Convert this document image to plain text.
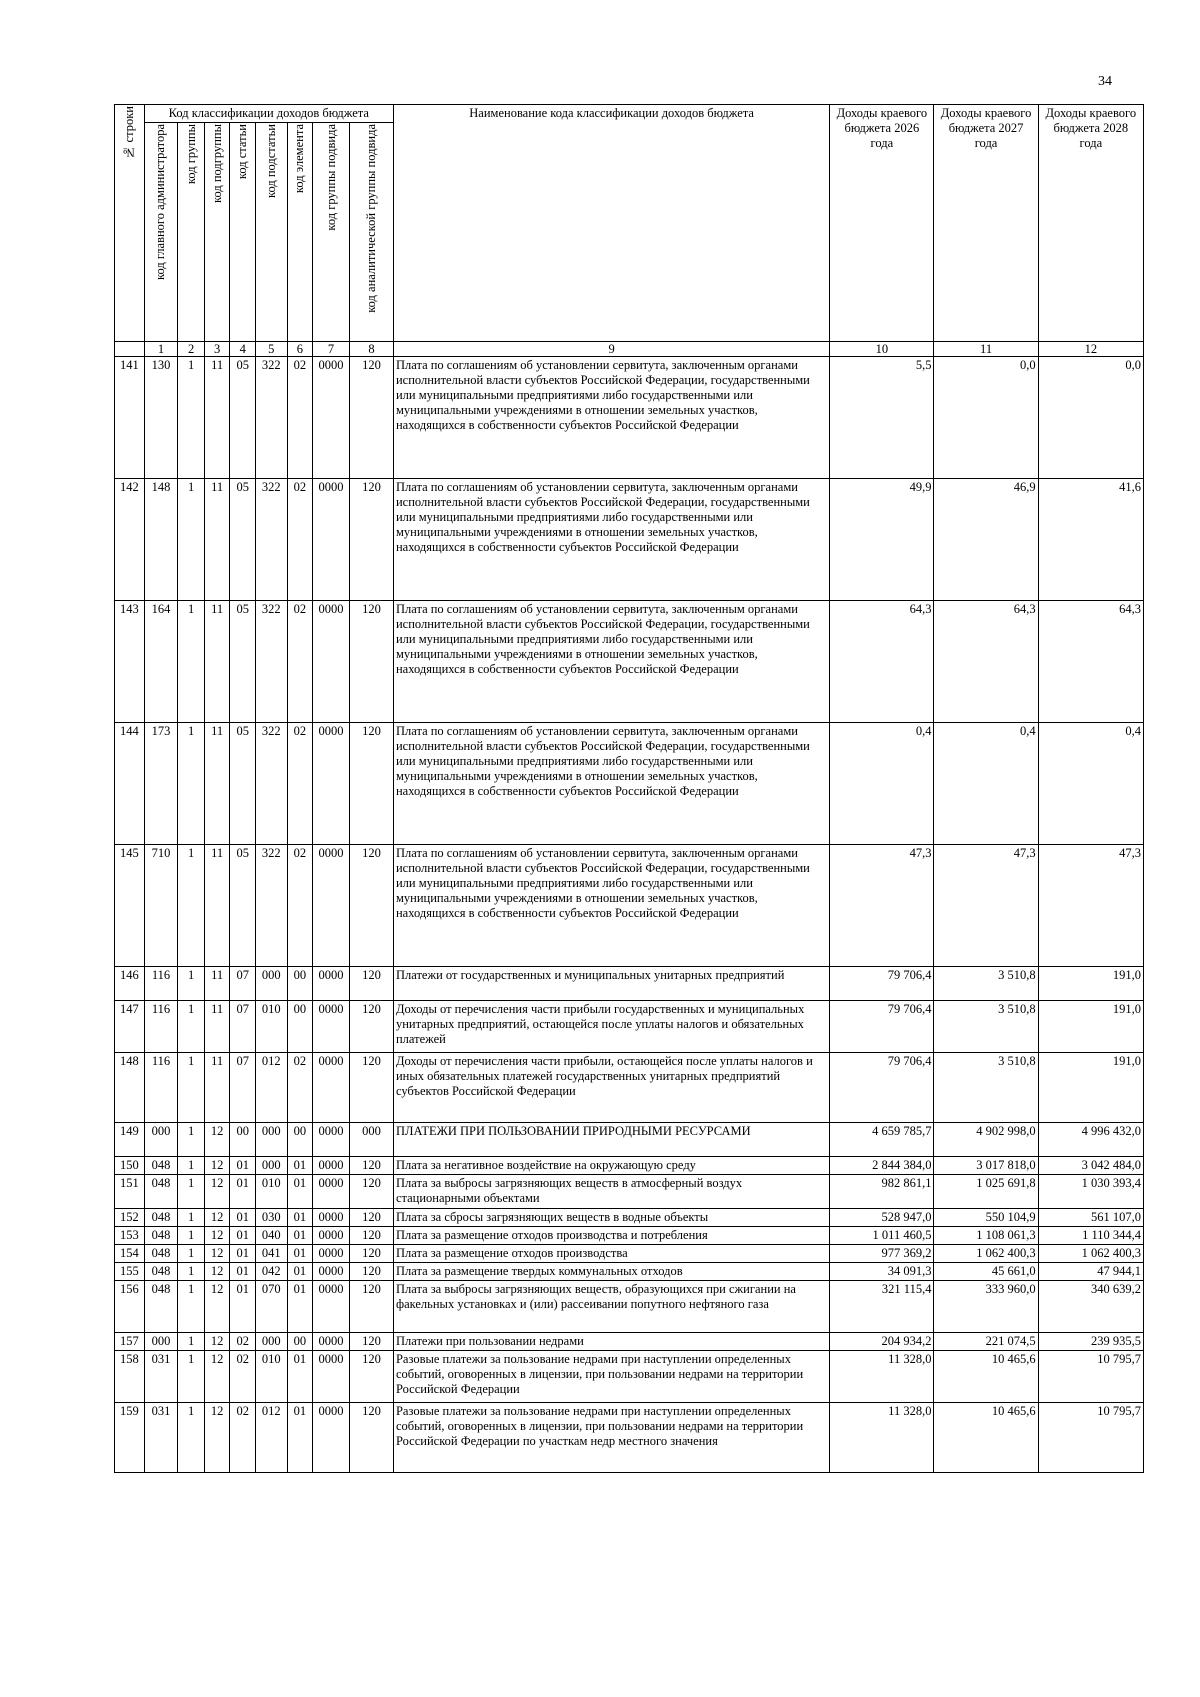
34
№ строки	Код классификации доходов бюджета								Наименование кода классификации доходов бюджета	Доходы краевого бюджета 2026 года	Доходы краевого бюджета 2027 года	Доходы краевого бюджета 2028 года

	код главного администратора	код группы	код подгруппы	код статьи	код подстатьи	код элемента	код группы подвида	код аналитической группы подвида				

	1	2	3	4	5	6	7	8	9	10	11	12
141	130	1	11	05	322	02	0000	120	Плата по соглашениям об установлении сервитута, заключенным органами исполнительной власти субъектов Российской Федерации, государственными или муниципальными предприятиями либо государственными или муниципальными учреждениями в отношении земельных участков, находящихся в собственности субъектов Российской Федерации	5,5	0,0	0,0
142	148	1	11	05	322	02	0000	120	Плата по соглашениям об установлении сервитута, заключенным органами исполнительной власти субъектов Российской Федерации, государственными или муниципальными предприятиями либо государственными или муниципальными учреждениями в отношении земельных участков, находящихся в собственности субъектов Российской Федерации	49,9	46,9	41,6
143	164	1	11	05	322	02	0000	120	Плата по соглашениям об установлении сервитута, заключенным органами исполнительной власти субъектов Российской Федерации, государственными или муниципальными предприятиями либо государственными или муниципальными учреждениями в отношении земельных участков, находящихся в собственности субъектов Российской Федерации	64,3	64,3	64,3
144	173	1	11	05	322	02	0000	120	Плата по соглашениям об установлении сервитута, заключенным органами исполнительной власти субъектов Российской Федерации, государственными или муниципальными предприятиями либо государственными или муниципальными учреждениями в отношении земельных участков, находящихся в собственности субъектов Российской Федерации	0,4	0,4	0,4
145	710	1	11	05	322	02	0000	120	Плата по соглашениям об установлении сервитута, заключенным органами исполнительной власти субъектов Российской Федерации, государственными или муниципальными предприятиями либо государственными или муниципальными учреждениями в отношении земельных участков, находящихся в собственности субъектов Российской Федерации	47,3	47,3	47,3
146	116	1	11	07	000	00	0000	120	Платежи от государственных и муниципальных унитарных предприятий	79 706,4	3 510,8	191,0
147	116	1	11	07	010	00	0000	120	Доходы от перечисления части прибыли государственных и муниципальных унитарных предприятий, остающейся после уплаты налогов и обязательных платежей	79 706,4	3 510,8	191,0
148	116	1	11	07	012	02	0000	120	Доходы от перечисления части прибыли, остающейся после уплаты налогов и иных обязательных платежей государственных унитарных предприятий субъектов Российской Федерации	79 706,4	3 510,8	191,0
149	000	1	12	00	000	00	0000	000	ПЛАТЕЖИ ПРИ ПОЛЬЗОВАНИИ ПРИРОДНЫМИ РЕСУРСАМИ	4 659 785,7	4 902 998,0	4 996 432,0
150	048	1	12	01	000	01	0000	120	Плата за негативное воздействие на окружающую среду	2 844 384,0	3 017 818,0	3 042 484,0
151	048	1	12	01	010	01	0000	120	Плата за выбросы загрязняющих веществ в атмосферный воздух стационарными объектами	982 861,1	1 025 691,8	1 030 393,4
152	048	1	12	01	030	01	0000	120	Плата за сбросы загрязняющих веществ в водные объекты	528 947,0	550 104,9	561 107,0
153	048	1	12	01	040	01	0000	120	Плата за размещение отходов производства и потребления	1 011 460,5	1 108 061,3	1 110 344,4
154	048	1	12	01	041	01	0000	120	Плата за размещение отходов производства	977 369,2	1 062 400,3	1 062 400,3
155	048	1	12	01	042	01	0000	120	Плата за размещение твердых коммунальных отходов	34 091,3	45 661,0	47 944,1
156	048	1	12	01	070	01	0000	120	Плата за выбросы загрязняющих веществ, образующихся при сжигании на факельных установках и (или) рассеивании попутного нефтяного газа	321 115,4	333 960,0	340 639,2
157	000	1	12	02	000	00	0000	120	Платежи при пользовании недрами	204 934,2	221 074,5	239 935,5
158	031	1	12	02	010	01	0000	120	Разовые платежи за пользование недрами при наступлении определенных событий, оговоренных в лицензии, при пользовании недрами на территории Российской Федерации	11 328,0	10 465,6	10 795,7
159	031	1	12	02	012	01	0000	120	Разовые платежи за пользование недрами при наступлении определенных событий, оговоренных в лицензии, при пользовании недрами на территории Российской Федерации по участкам недр местного значения	11 328,0	10 465,6	10 795,7
